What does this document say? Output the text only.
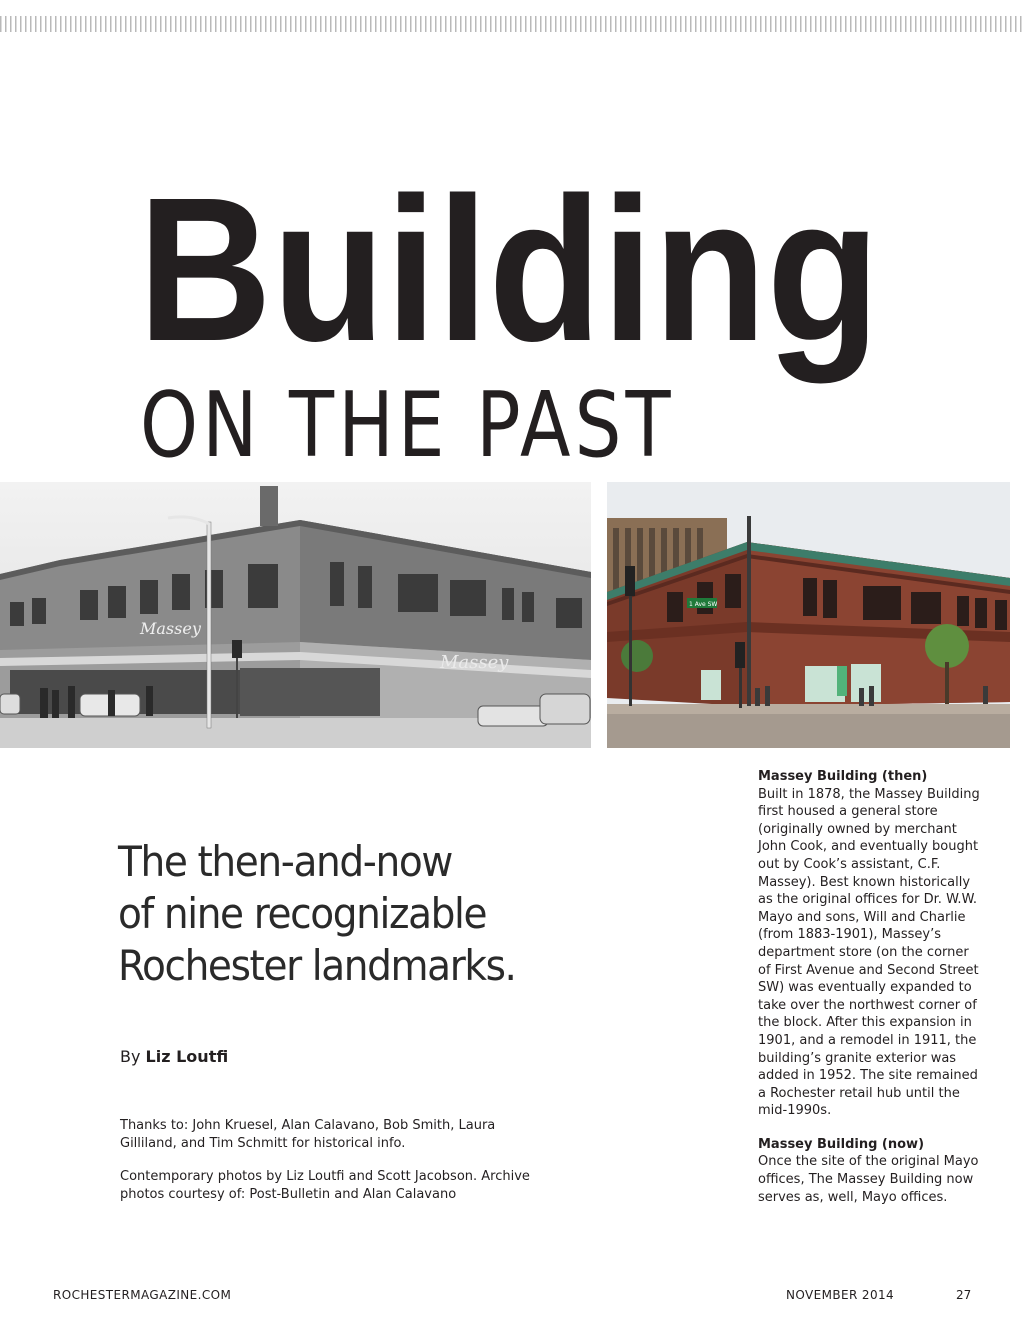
Building
ON THE PAST
Massey
Massey
1 Ave SW
The then-and-now
of nine recognizable
Rochester landmarks.
By Liz Loutfi

Thanks to: John Kruesel, Alan Calavano, Bob Smith, Laura Gilliland, and Tim Schmitt for historical info.

Contemporary photos by Liz Loutfi and Scott Jacobson. Archive photos courtesy of: Post-Bulletin and Alan Calavano

Massey Building (then)

Built in 1878, the Massey Building first housed a general store (originally owned by merchant John Cook, and eventually bought out by Cook’s assistant, C.F. Massey). Best known historically as the original offices for Dr. W.W. Mayo and sons, Will and Charlie (from 1883-1901), Massey’s department store (on the corner of First Avenue and Second Street SW) was eventually expanded to take over the northwest corner of the block. After this expansion in 1901, and a remodel in 1911, the building’s granite exterior was added in 1952. The site remained a Rochester retail hub until the mid-1990s.

Massey Building (now)

Once the site of the original Mayo offices, The Massey Building now serves as, well, Mayo offices.

ROCHESTERMAGAZINE.COM	NOVEMBER 2014	27
